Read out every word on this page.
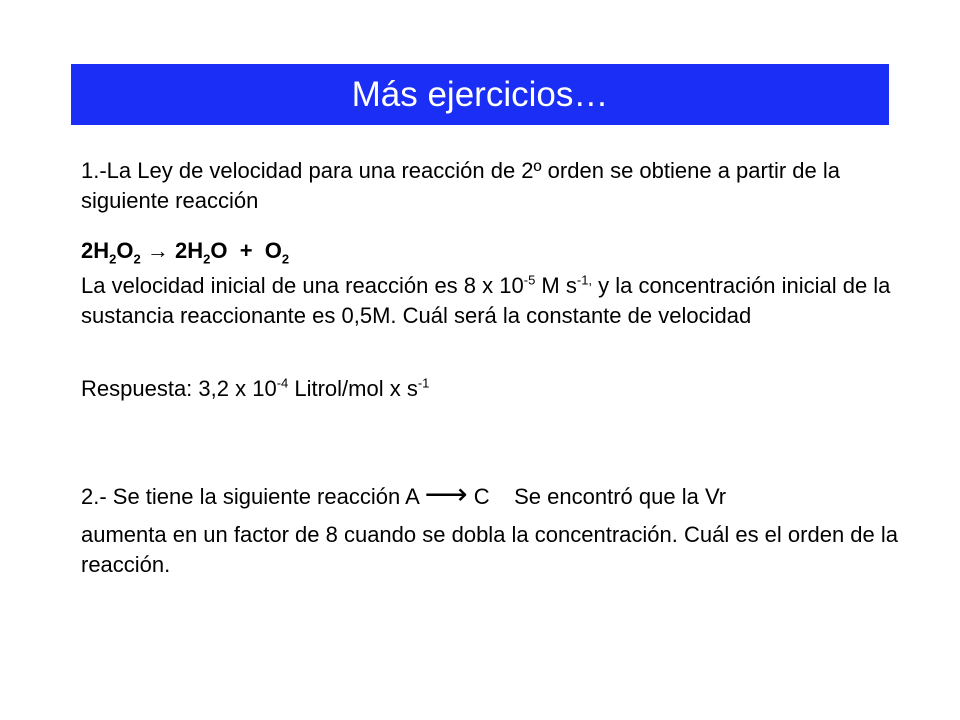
Más ejercicios…
1.-La Ley de velocidad para una reacción de 2º orden se obtiene a partir de la siguiente reacción
$2H_2O_2 \to 2H_2O + O_2$
La velocidad inicial de una reacción es 8 x $10^{-5}$ M $s^{-1,}$ y la concentración inicial de la sustancia reaccionante es 0,5M. Cuál será la constante de velocidad
Respuesta: 3,2 x $10^{-4}$ Litrol/mol x $s^{-1}$
2.- Se tiene la siguiente reacción A ⟶ C    Se encontró que la Vr
aumenta en un factor de 8 cuando se dobla la concentración. Cuál es el orden de la reacción.
